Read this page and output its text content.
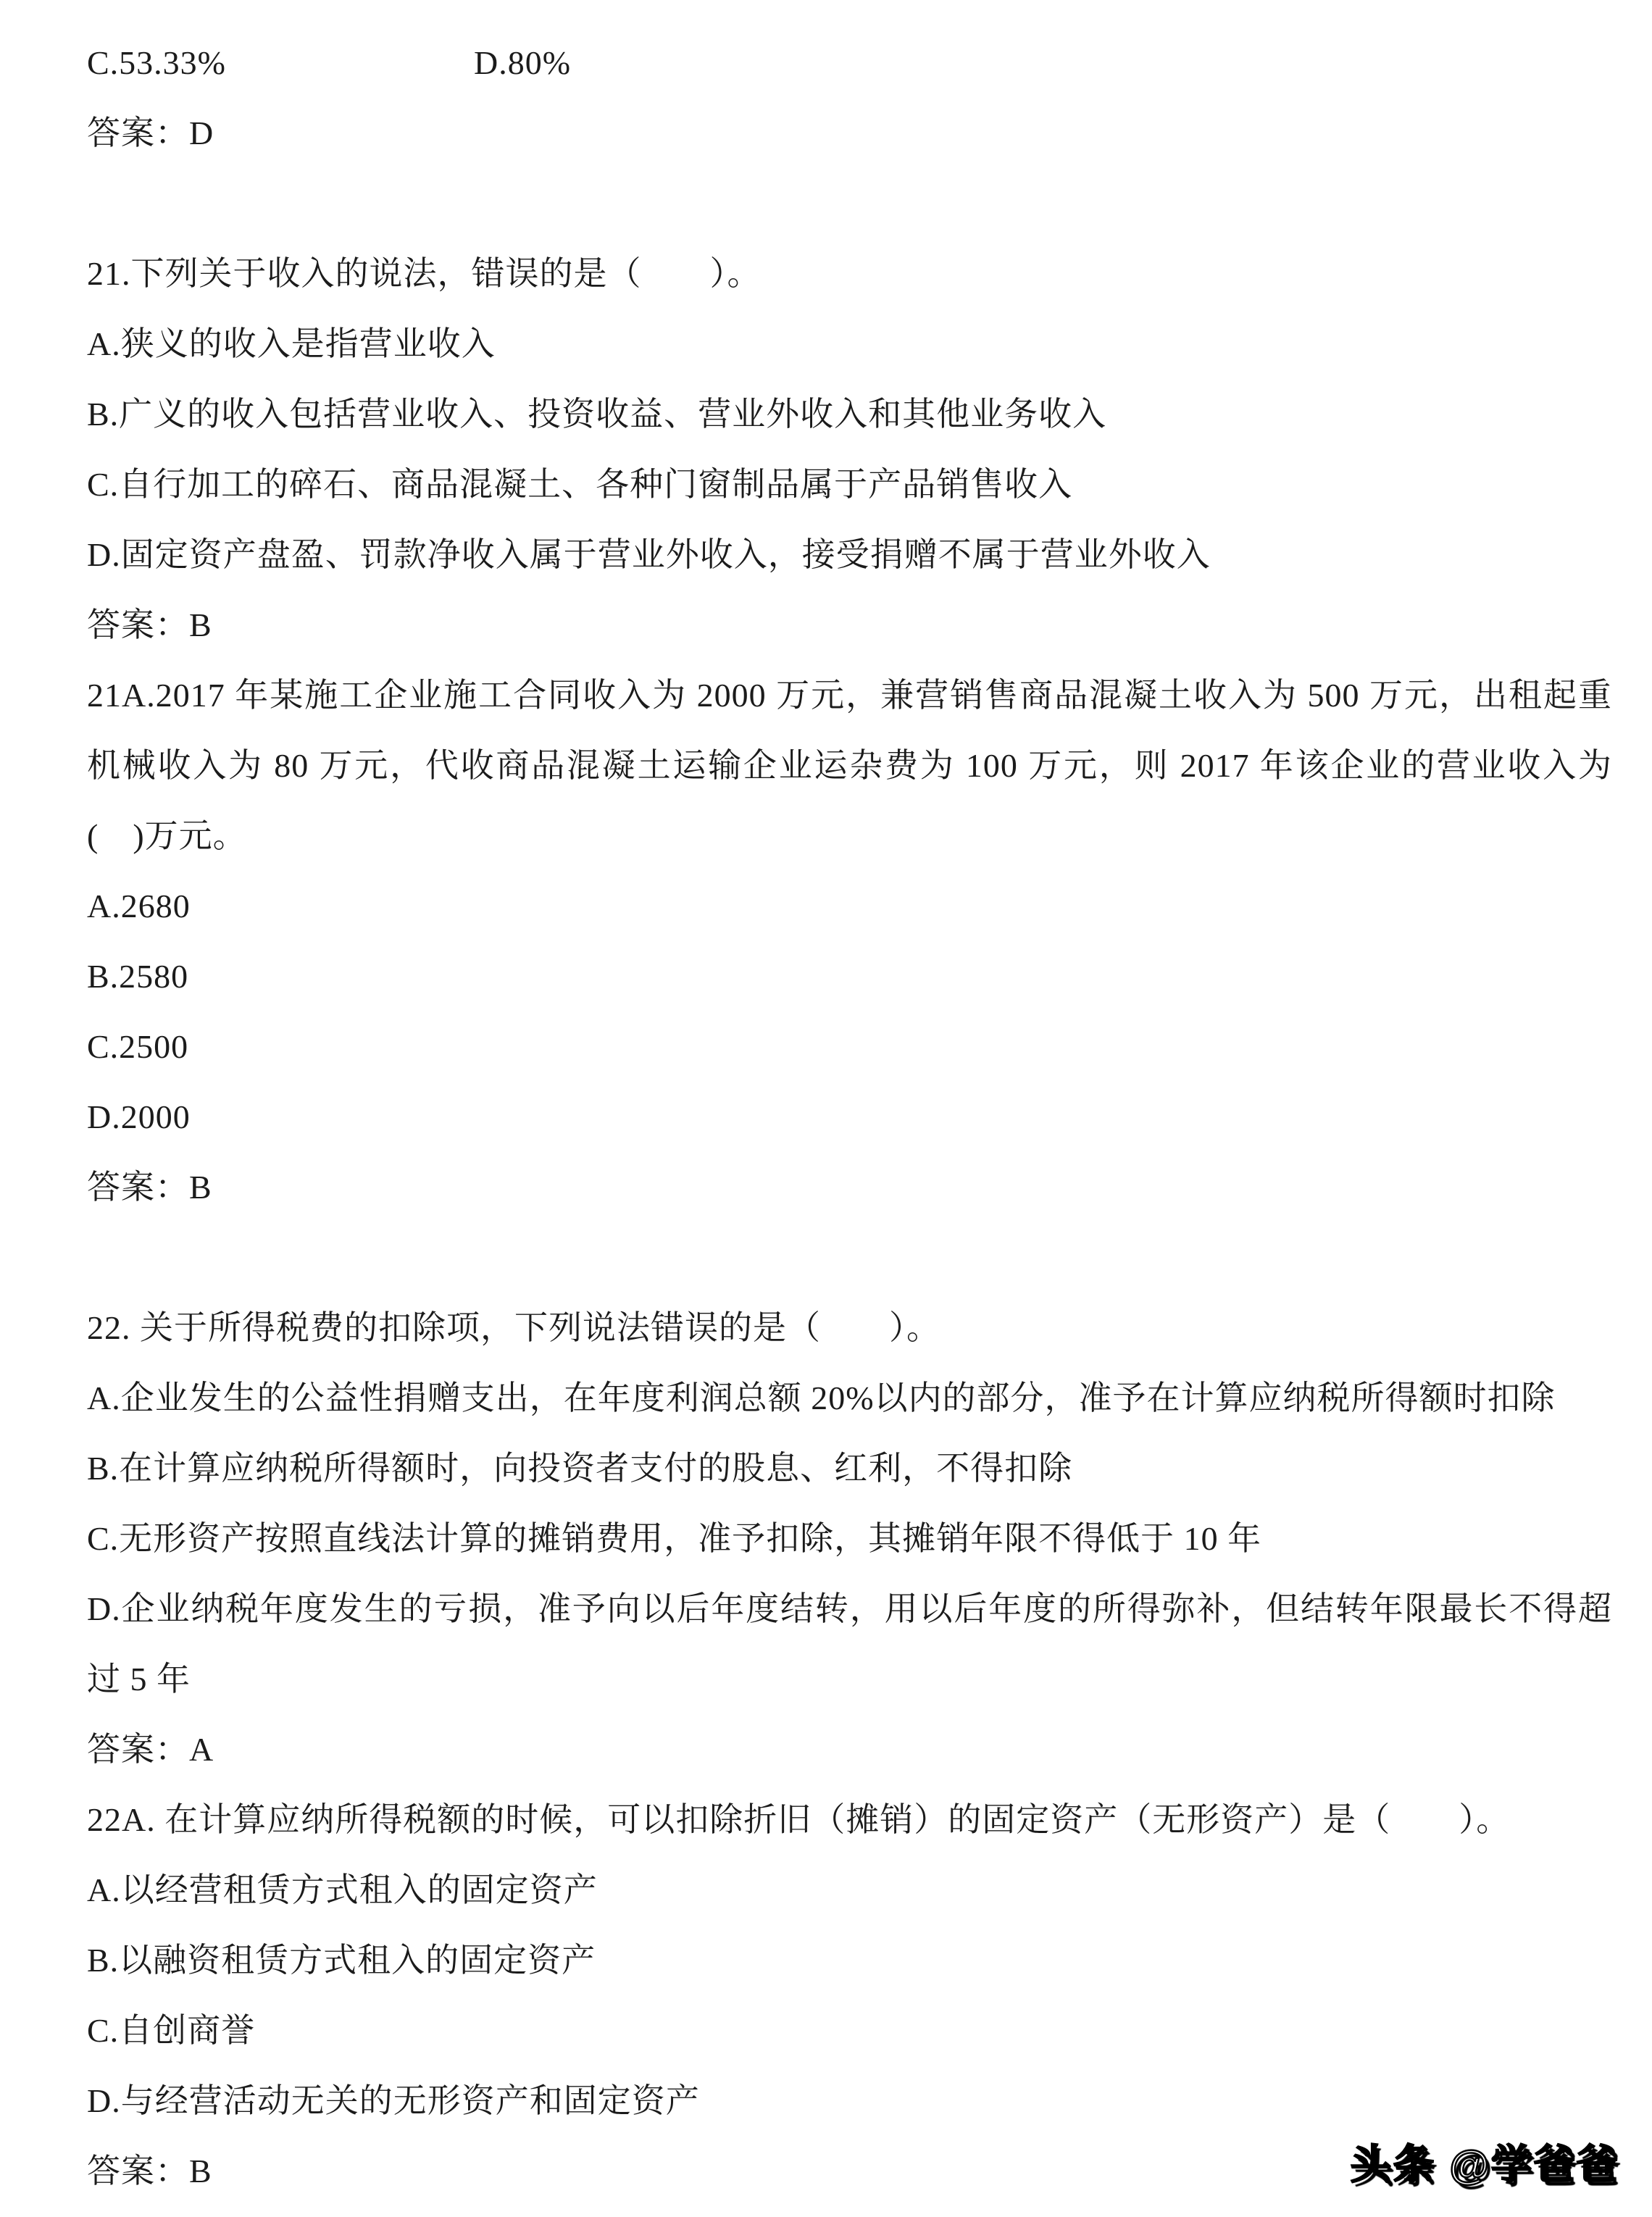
C.53.33%	D.80%

答案：D

21.下列关于收入的说法，错误的是（　　）。

A.狭义的收入是指营业收入

B.广义的收入包括营业收入、投资收益、营业外收入和其他业务收入

C.自行加工的碎石、商品混凝土、各种门窗制品属于产品销售收入

D.固定资产盘盈、罚款净收入属于营业外收入，接受捐赠不属于营业外收入

答案：B

21A.2017 年某施工企业施工合同收入为 2000 万元，兼营销售商品混凝土收入为 500 万元，出租起重机械收入为 80 万元，代收商品混凝土运输企业运杂费为 100 万元，则 2017 年该企业的营业收入为(　)万元。

A.2680

B.2580

C.2500

D.2000

答案：B

22. 关于所得税费的扣除项，下列说法错误的是（　　）。

A.企业发生的公益性捐赠支出，在年度利润总额 20%以内的部分，准予在计算应纳税所得额时扣除

B.在计算应纳税所得额时，向投资者支付的股息、红利，不得扣除

C.无形资产按照直线法计算的摊销费用，准予扣除，其摊销年限不得低于 10 年

D.企业纳税年度发生的亏损，准予向以后年度结转，用以后年度的所得弥补，但结转年限最长不得超过 5 年

答案：A

22A. 在计算应纳所得税额的时候，可以扣除折旧（摊销）的固定资产（无形资产）是（　　）。

A.以经营租赁方式租入的固定资产

B.以融资租赁方式租入的固定资产

C.自创商誉

D.与经营活动无关的无形资产和固定资产

答案：B	头条 @学爸爸
